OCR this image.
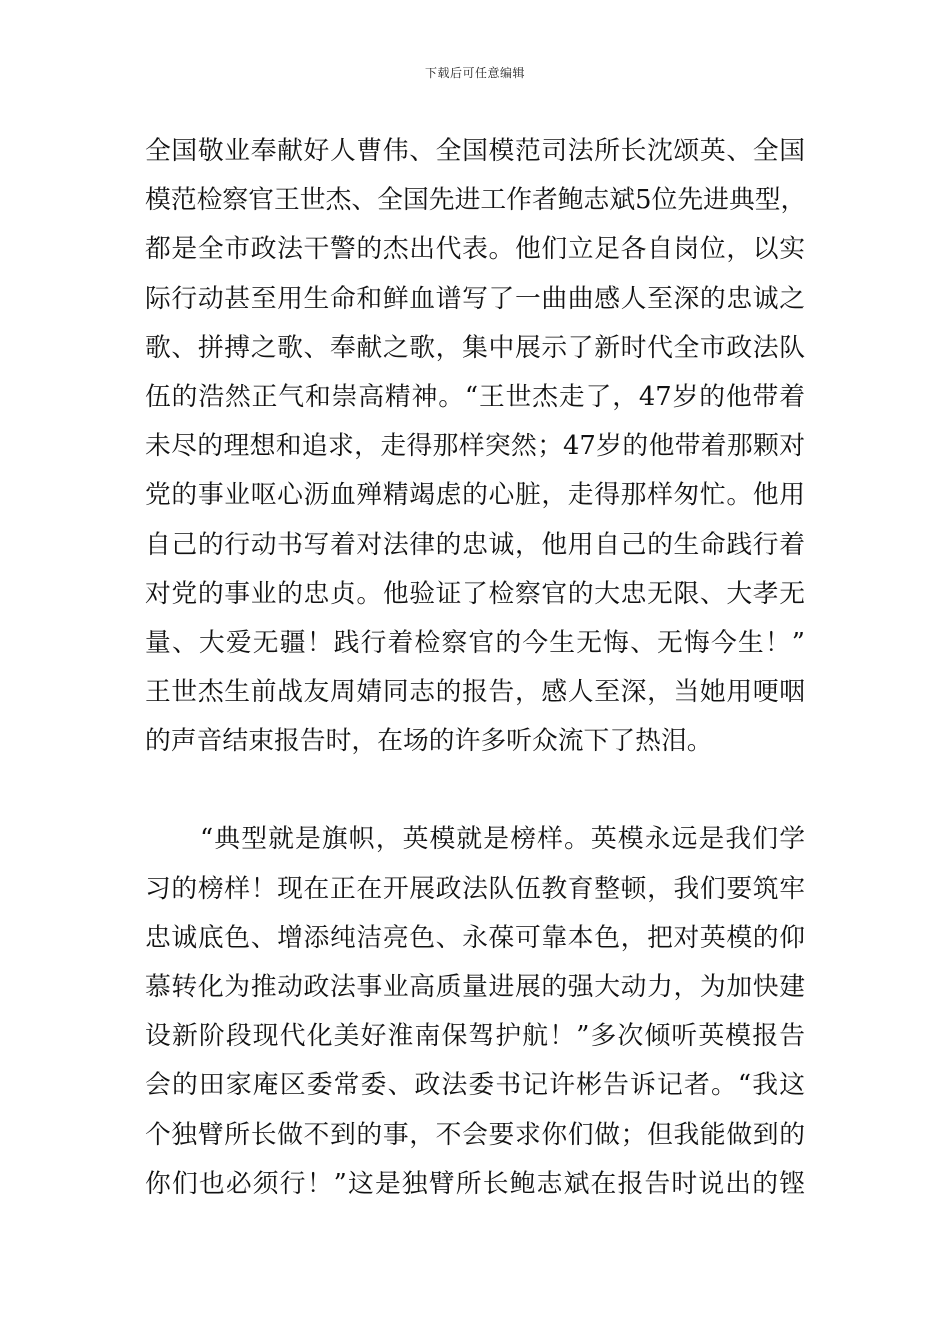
下载后可任意编辑
全国敬业奉献好人曹伟、全国模范司法所长沈颂英、全国
模范检察官王世杰、全国先进工作者鲍志斌5位先进典型，
都是全市政法干警的杰出代表。他们立足各自岗位，以实
际行动甚至用生命和鲜血谱写了一曲曲感人至深的忠诚之
歌、拼搏之歌、奉献之歌，集中展示了新时代全市政法队
伍的浩然正气和崇高精神。“王世杰走了，47岁的他带着
未尽的理想和追求，走得那样突然；47岁的他带着那颗对
党的事业呕心沥血殚精竭虑的心脏，走得那样匆忙。他用
自己的行动书写着对法律的忠诚，他用自己的生命践行着
对党的事业的忠贞。他验证了检察官的大忠无限、大孝无
量、大爱无疆！践行着检察官的今生无悔、无悔今生！”
王世杰生前战友周婧同志的报告，感人至深，当她用哽咽
的声音结束报告时，在场的许多听众流下了热泪。
“典型就是旗帜，英模就是榜样。英模永远是我们学
习的榜样！现在正在开展政法队伍教育整顿，我们要筑牢
忠诚底色、增添纯洁亮色、永葆可靠本色，把对英模的仰
慕转化为推动政法事业高质量进展的强大动力，为加快建
设新阶段现代化美好淮南保驾护航！”多次倾听英模报告
会的田家庵区委常委、政法委书记许彬告诉记者。“我这
个独臂所长做不到的事，不会要求你们做；但我能做到的
你们也必须行！”这是独臂所长鲍志斌在报告时说出的铿
